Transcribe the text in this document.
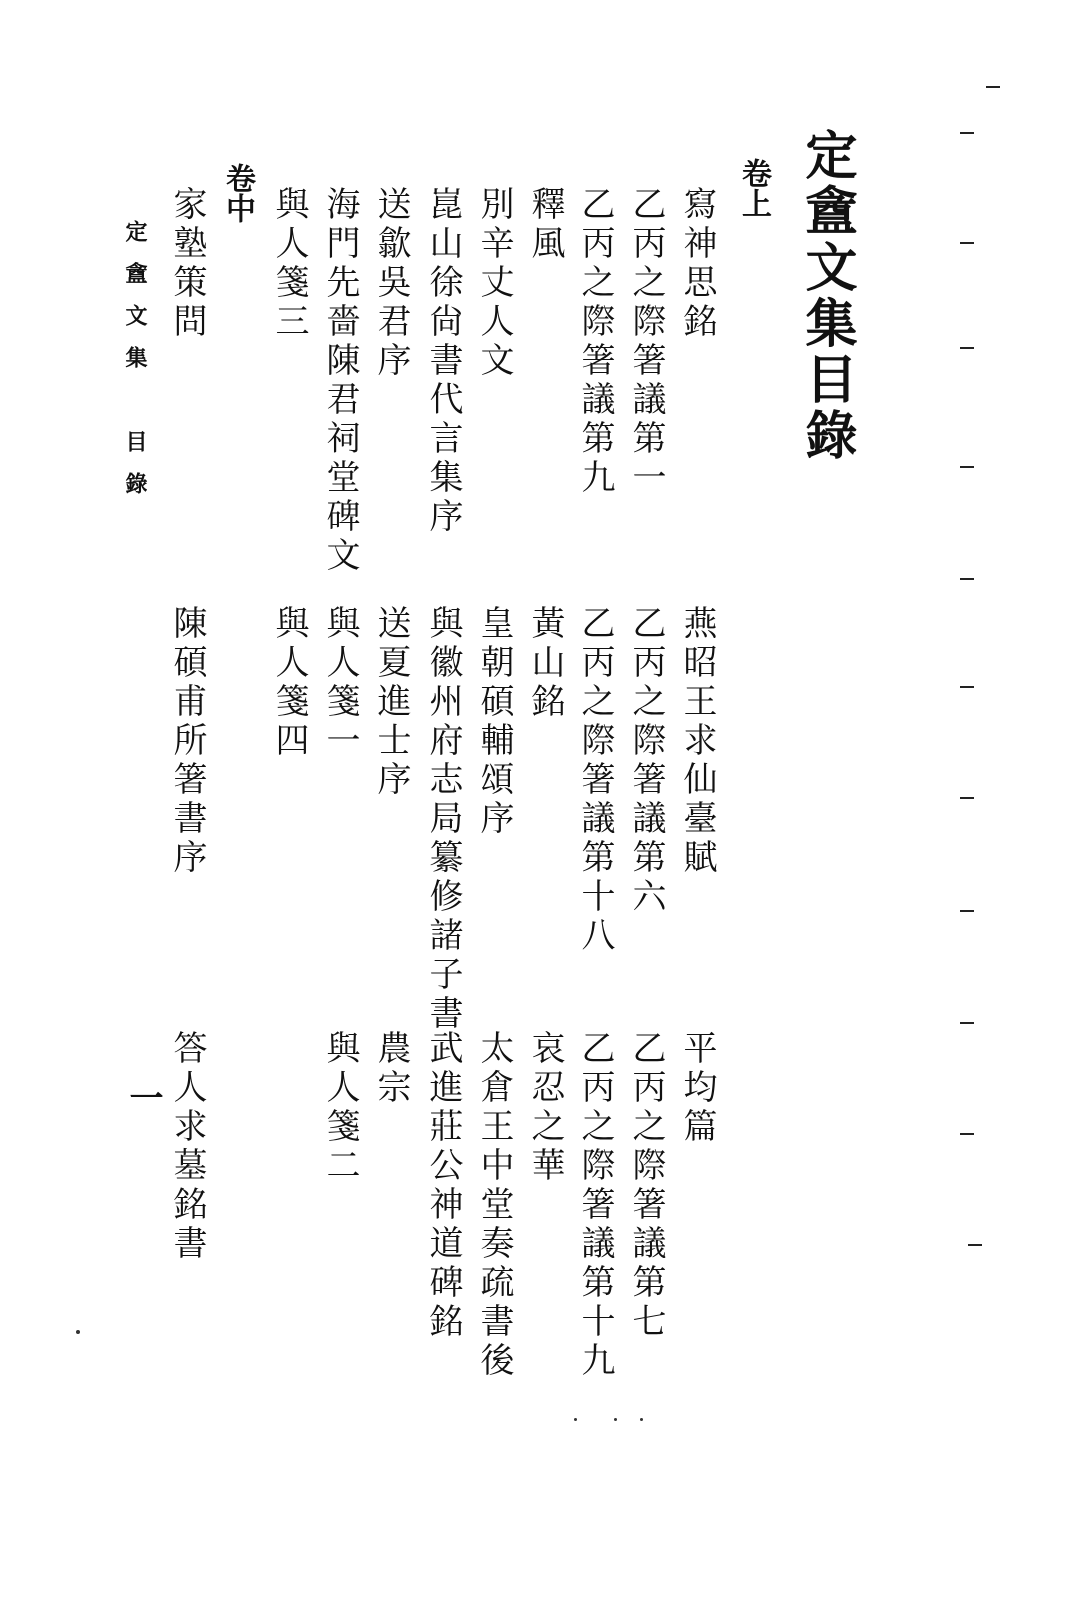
定盦文集目錄
卷上
卷中	寫神思銘
燕昭王求仙臺賦
平均篇
乙丙之際箸議第一
乙丙之際箸議第六
乙丙之際箸議第七
乙丙之際箸議第九
乙丙之際箸議第十八
乙丙之際箸議第十九
釋風
黃山銘
哀忍之華
別辛丈人文
皇朝碩輔頌序
太倉王中堂奏疏書後
崑山徐尙書代言集序
與徽州府志局纂修諸子書
武進莊公神道碑銘
送歙吳君序
送夏進士序
農宗
海門先嗇陳君祠堂碑文
與人箋一
與人箋二
與人箋三
與人箋四
家塾策問
陳碩甫所箸書序
答人求墓銘書
定盦文集　目錄
一
